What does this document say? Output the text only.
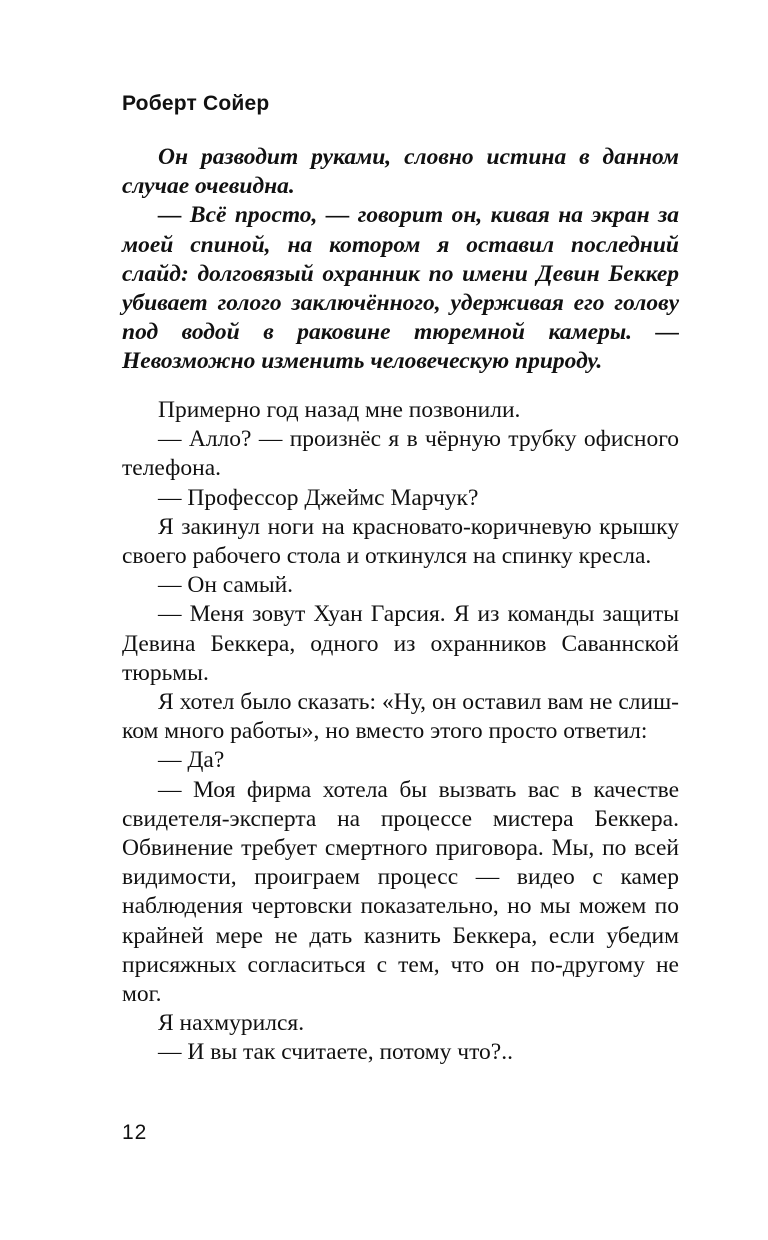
Роберт Сойер

Он разводит руками, словно истина в данном случае очевидна.

— Всё просто, — говорит он, кивая на экран за моей спиной, на котором я оставил последний слайд: долговязый охранник по имени Девин Беккер убивает голого заключённого, удерживая его голову под водой в раковине тюремной камеры. — Невозможно изменить человеческую природу.

Примерно год назад мне позвонили.

— Алло? — произнёс я в чёрную трубку офисного телефона.

— Профессор Джеймс Марчук?

Я закинул ноги на красновато-коричневую крышку своего рабочего стола и откинулся на спинку кресла.

— Он самый.

— Меня зовут Хуан Гарсия. Я из команды защиты Девина Беккера, одного из охранников Саваннской тюрьмы.

Я хотел было сказать: «Ну, он оставил вам не слишком много работы», но вместо этого просто ответил:

— Да?

— Моя фирма хотела бы вызвать вас в качестве свидетеля-эксперта на процессе мистера Беккера. Обвинение требует смертного приговора. Мы, по всей видимости, проиграем процесс — видео с камер наблюдения чертовски показательно, но мы можем по крайней мере не дать казнить Беккера, если убедим присяжных согласиться с тем, что он по-другому не мог.

Я нахмурился.

— И вы так считаете, потому что?..

12
